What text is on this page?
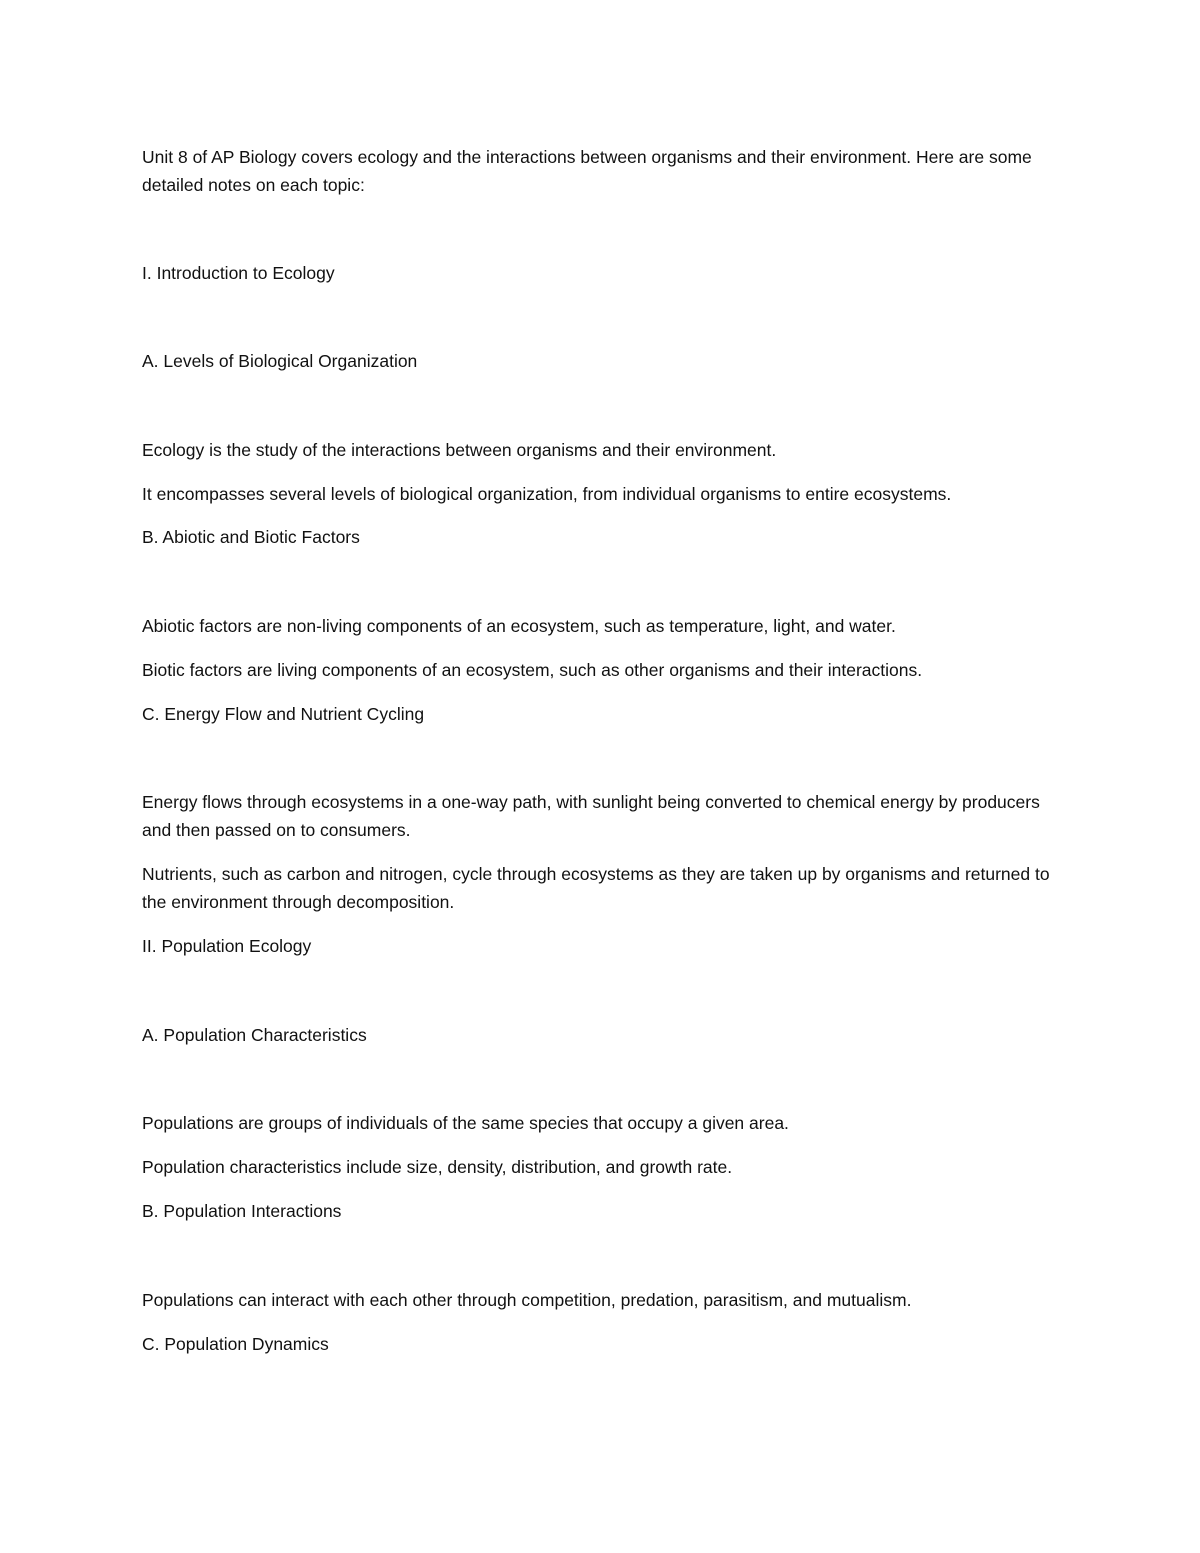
Unit 8 of AP Biology covers ecology and the interactions between organisms and their environment. Here are some detailed notes on each topic:

I. Introduction to Ecology

A. Levels of Biological Organization

Ecology is the study of the interactions between organisms and their environment.

It encompasses several levels of biological organization, from individual organisms to entire ecosystems.

B. Abiotic and Biotic Factors

Abiotic factors are non-living components of an ecosystem, such as temperature, light, and water.

Biotic factors are living components of an ecosystem, such as other organisms and their interactions.

C. Energy Flow and Nutrient Cycling

Energy flows through ecosystems in a one-way path, with sunlight being converted to chemical energy by producers and then passed on to consumers.

Nutrients, such as carbon and nitrogen, cycle through ecosystems as they are taken up by organisms and returned to the environment through decomposition.

II. Population Ecology

A. Population Characteristics

Populations are groups of individuals of the same species that occupy a given area.

Population characteristics include size, density, distribution, and growth rate.

B. Population Interactions

Populations can interact with each other through competition, predation, parasitism, and mutualism.

C. Population Dynamics
